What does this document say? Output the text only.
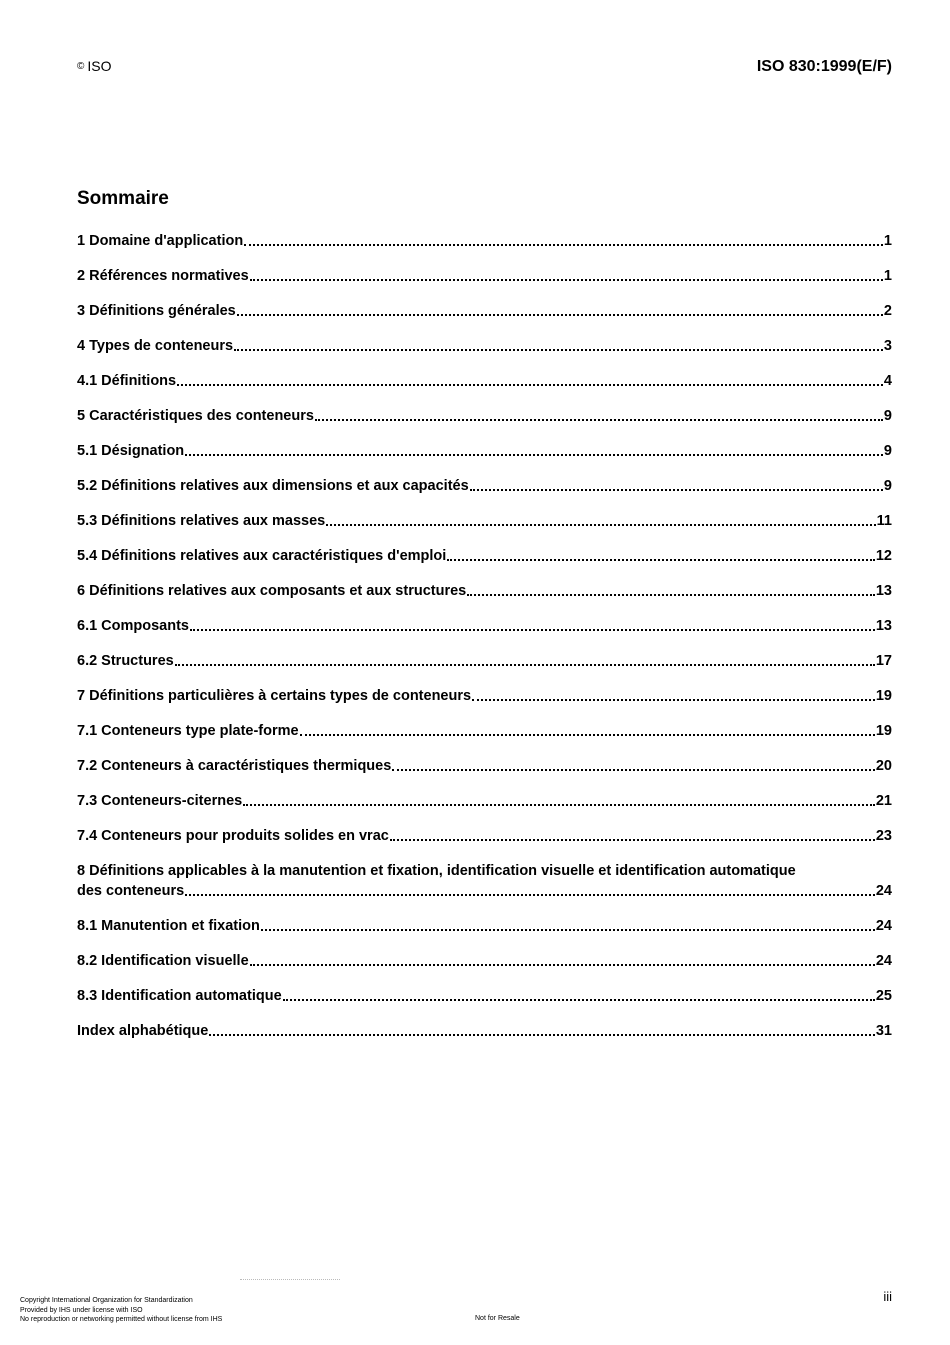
© ISO	ISO 830:1999(E/F)
Sommaire
1 Domaine d'application	1
2 Références normatives	1
3 Définitions générales	2
4 Types de conteneurs	3
4.1 Définitions	4
5 Caractéristiques des conteneurs	9
5.1 Désignation	9
5.2 Définitions relatives aux dimensions et aux capacités	9
5.3 Définitions relatives aux masses	11
5.4 Définitions relatives aux caractéristiques d'emploi	12
6 Définitions relatives aux composants et aux structures	13
6.1 Composants	13
6.2 Structures	17
7 Définitions particulières à certains types de conteneurs	19
7.1 Conteneurs type plate-forme	19
7.2 Conteneurs à caractéristiques thermiques	20
7.3 Conteneurs-citernes	21
7.4 Conteneurs pour produits solides en vrac	23
8 Définitions applicables à la manutention et fixation, identification visuelle et identification automatique
des conteneurs	24
8.1 Manutention et fixation	24
8.2 Identification visuelle	24
8.3 Identification automatique	25
Index alphabétique	31
iii
Copyright International Organization for Standardization
Provided by IHS under license with ISO
No reproduction or networking permitted without license from IHS	Not for Resale
